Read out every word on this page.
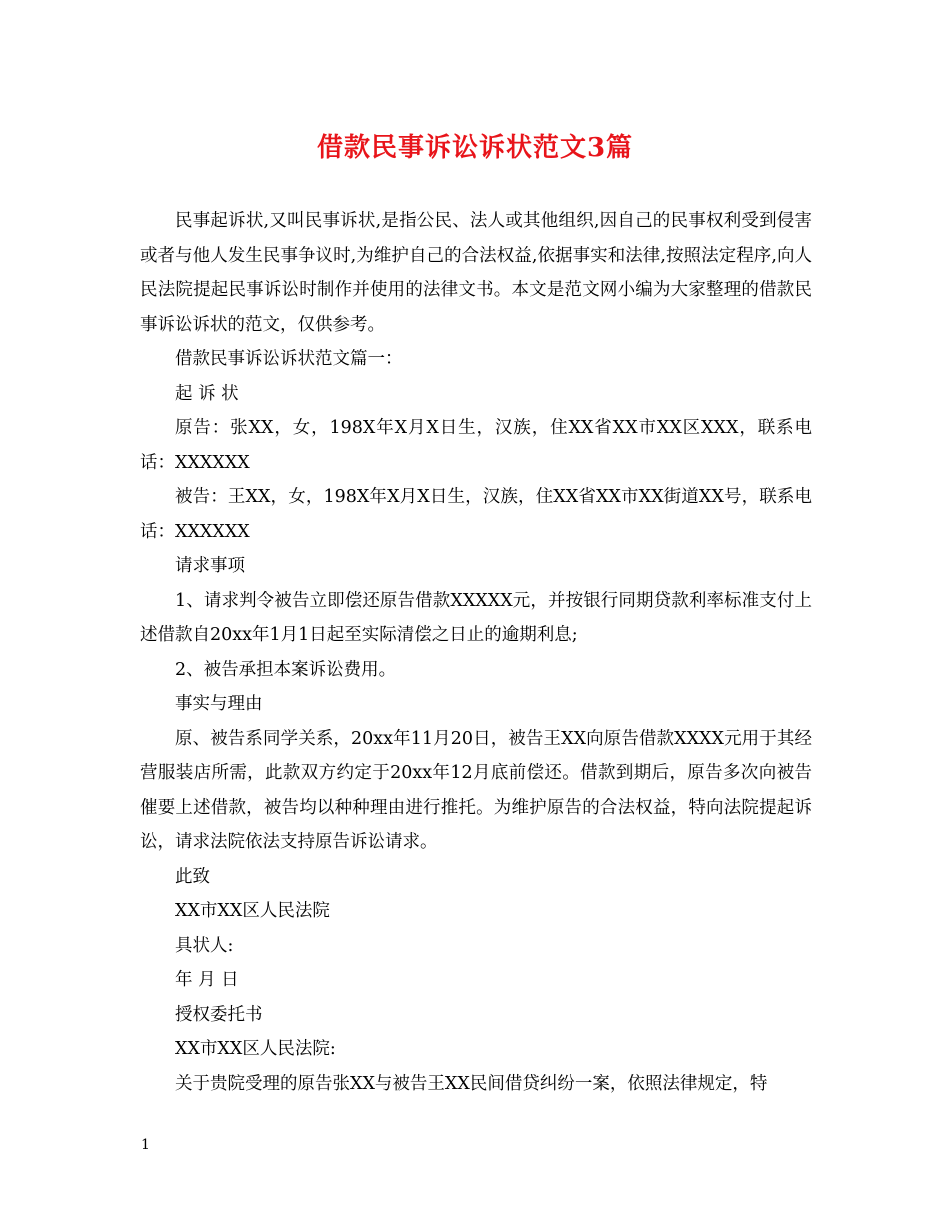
借款民事诉讼诉状范文3篇

民事起诉状,又叫民事诉状,是指公民、法人或其他组织,因自己的民事权利受到侵害或者与他人发生民事争议时,为维护自己的合法权益,依据事实和法律,按照法定程序,向人民法院提起民事诉讼时制作并使用的法律文书。本文是范文网小编为大家整理的借款民事诉讼诉状的范文，仅供参考。

借款民事诉讼诉状范文篇一：

起 诉 状

原告：张XX，女，198X年X月X日生，汉族，住XX省XX市XX区XXX，联系电话：XXXXXX

被告：王XX，女，198X年X月X日生，汉族，住XX省XX市XX街道XX号，联系电话：XXXXXX

请求事项

1、请求判令被告立即偿还原告借款XXXXX元，并按银行同期贷款利率标准支付上述借款自20xx年1月1日起至实际清偿之日止的逾期利息;

2、被告承担本案诉讼费用。

事实与理由

原、被告系同学关系，20xx年11月20日，被告王XX向原告借款XXXX元用于其经营服装店所需，此款双方约定于20xx年12月底前偿还。借款到期后，原告多次向被告催要上述借款，被告均以种种理由进行推托。为维护原告的合法权益，特向法院提起诉讼，请求法院依法支持原告诉讼请求。

此致

XX市XX区人民法院

具状人:

年 月 日

授权委托书

XX市XX区人民法院:

关于贵院受理的原告张XX与被告王XX民间借贷纠纷一案，依照法律规定，特

1
